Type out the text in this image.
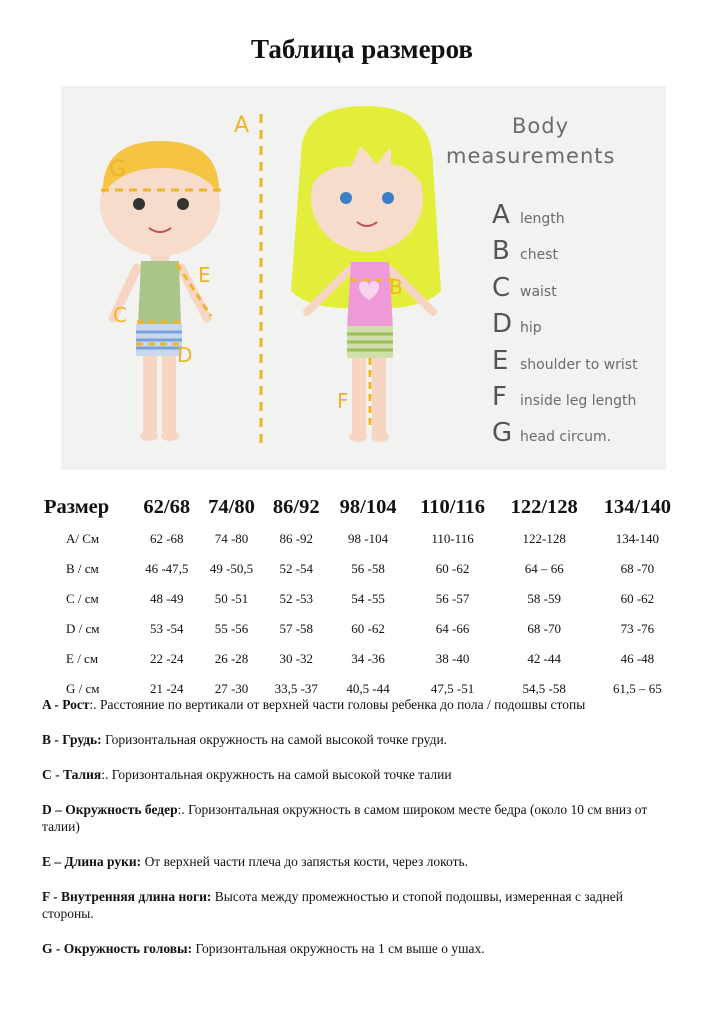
Таблица размеров
G
E
C
D
B
F
A	Body
measurements
A length
B chest
C waist
D hip
E shoulder to wrist
F inside leg length
G head circum.
Размер	62/68	74/80	86/92	98/104	110/116	122/128	134/140
A/ См	62 -68	74 -80	86 -92	98 -104	110-116	122-128	134-140
B / см	46 -47,5	49 -50,5	52 -54	56 -58	60 -62	64 – 66	68 -70
C / см	48 -49	50 -51	52 -53	54 -55	56 -57	58 -59	60 -62
D / см	53 -54	55 -56	57 -58	60 -62	64 -66	68 -70	73 -76
E / см	22 -24	26 -28	30 -32	34 -36	38 -40	42 -44	46 -48
G / см	21 -24	27 -30	33,5 -37	40,5 -44	47,5 -51	54,5 -58	61,5 – 65

A - Рост:. Расстояние по вертикали от верхней части головы ребенка до пола / подошвы стопы

B - Грудь: Горизонтальная окружность на самой высокой точке груди.

C - Талия:. Горизонтальная окружность на самой высокой точке талии

D – Окружность бедер:. Горизонтальная окружность в самом широком месте бедра (около 10 см вниз от талии)

E – Длина руки: От верхней части плеча до запястья кости, через локоть.

F - Внутренняя длина ноги: Высота между промежностью и стопой подошвы, измеренная с задней стороны.

G - Окружность головы: Горизонтальная окружность на 1 см выше о ушах.
